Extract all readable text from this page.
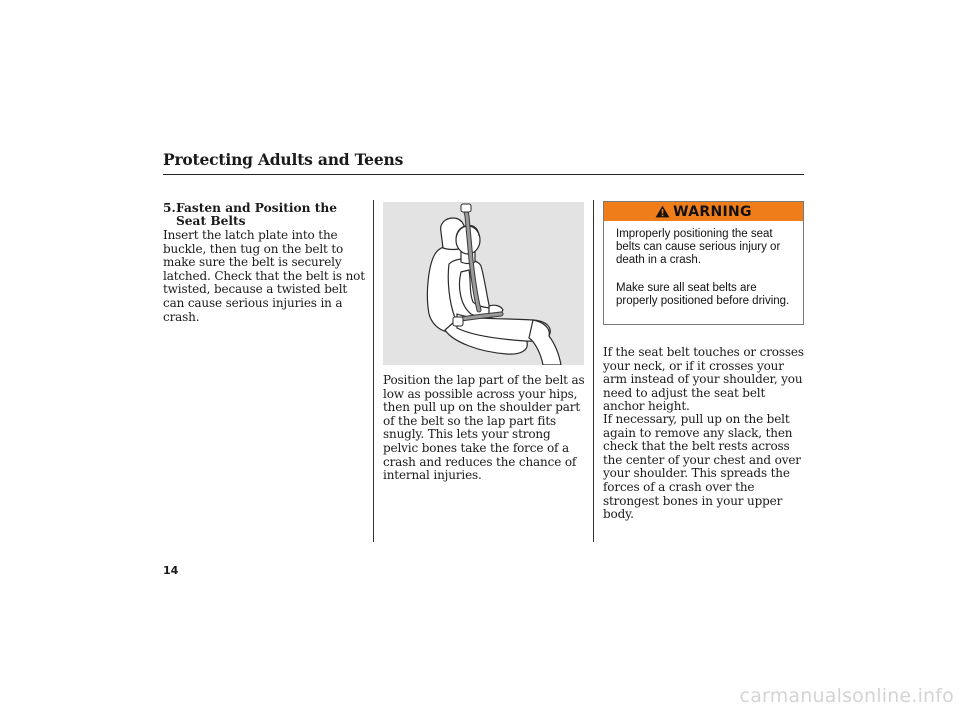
Protecting Adults and Teens
5. Fasten and Position the Seat Belts

Insert the latch plate into the buckle, then tug on the belt to make sure the belt is securely latched. Check that the belt is not twisted, because a twisted belt can cause serious injuries in a crash.

Position the lap part of the belt as low as possible across your hips, then pull up on the shoulder part of the belt so the lap part fits snugly. This lets your strong pelvic bones take the force of a crash and reduces the chance of internal injuries.

WARNING

Improperly positioning the seat belts can cause serious injury or death in a crash.

Make sure all seat belts are properly positioned before driving.

If the seat belt touches or crosses your neck, or if it crosses your arm instead of your shoulder, you need to adjust the seat belt anchor height.

If necessary, pull up on the belt again to remove any slack, then check that the belt rests across the center of your chest and over your shoulder. This spreads the forces of a crash over the strongest bones in your upper body.

14

carmanualsonline.info
